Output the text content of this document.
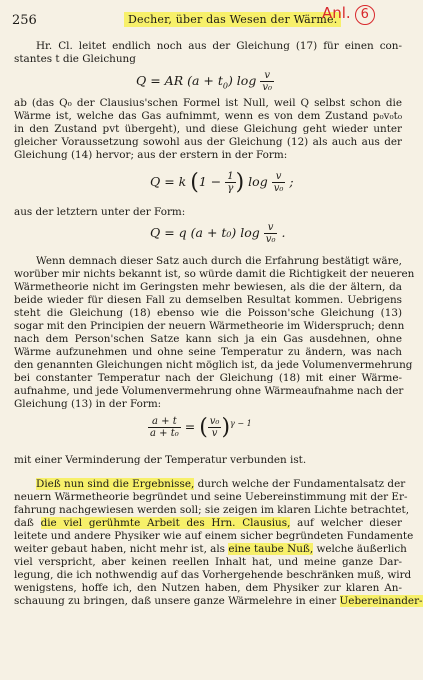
256	Decher, über das Wesen der Wärme.
Anl. 6
Hr. Cl. leitet endlich noch aus der Gleichung (17) für einen con-
stantes t die Gleichung
Q = AR $(a + t_0)$ $\log \frac{v}{\text{v₀}}$
ab (das Q₀ der Clausius'schen Formel ist Null, weil Q selbst schon die
Wärme ist, welche das Gas aufnimmt, wenn es von dem Zustand p₀v₀t₀
in den Zustand pvt übergeht), und diese Gleichung geht wieder unter
gleicher Voraussetzung sowohl aus der Gleichung (12) als auch aus der
Gleichung (14) hervor; aus der erstern in der Form:
Q = k ($1 - \frac{1}{\gamma}$ ) $\log \frac{v}{\text{v₀}}$ ;
aus der letztern unter der Form:
Q = q (a + t₀) $\log \frac{v}{\text{v₀}}$ .
Wenn demnach dieser Satz auch durch die Erfahrung bestätigt wäre,
worüber mir nichts bekannt ist, so würde damit die Richtigkeit der neueren
Wärmetheorie nicht im Geringsten mehr bewiesen, als die der ältern, da
beide wieder für diesen Fall zu demselben Resultat kommen. Uebrigens
steht die Gleichung (18) ebenso wie die Poisson'sche Gleichung (13)
sogar mit den Principien der neuern Wärmetheorie im Widerspruch; denn
nach dem Person'schen Satze kann sich ja ein Gas ausdehnen, ohne
Wärme aufzunehmen und ohne seine Temperatur zu ändern, was nach
den genannten Gleichungen nicht möglich ist, da jede Volumenvermehrung
bei constanter Temperatur nach der Gleichung (18) mit einer Wärme-
aufnahme, und jede Volumenvermehrung ohne Wärmeaufnahme nach der
Gleichung (13) in der Form:
$\frac{a + t}{\text{a + t₀}}$ = ( $\frac{\text{v₀}}{v} )^{\gamma - 1}$
mit einer Verminderung der Temperatur verbunden ist.
Dieß nun sind die Ergebnisse, durch welche der Fundamentalsatz der
neuern Wärmetheorie begründet und seine Uebereinstimmung mit der Er-
fahrung nachgewiesen werden soll; sie zeigen im klaren Lichte betrachtet,
daß die viel gerühmte Arbeit des Hrn. Clausius, auf welcher dieser
leitete und andere Physiker wie auf einem sicher begründeten Fundamente
weiter gebaut haben, nicht mehr ist, als eine taube Nuß, welche äußerlich
viel verspricht, aber keinen reellen Inhalt hat, und meine ganze Dar-
legung, die ich nothwendig auf das Vorhergehende beschränken muß, wird
wenigstens, hoffe ich, den Nutzen haben, dem Physiker zur klaren An-
schauung zu bringen, daß unsere ganze Wärmelehre in einer Uebereinander-
